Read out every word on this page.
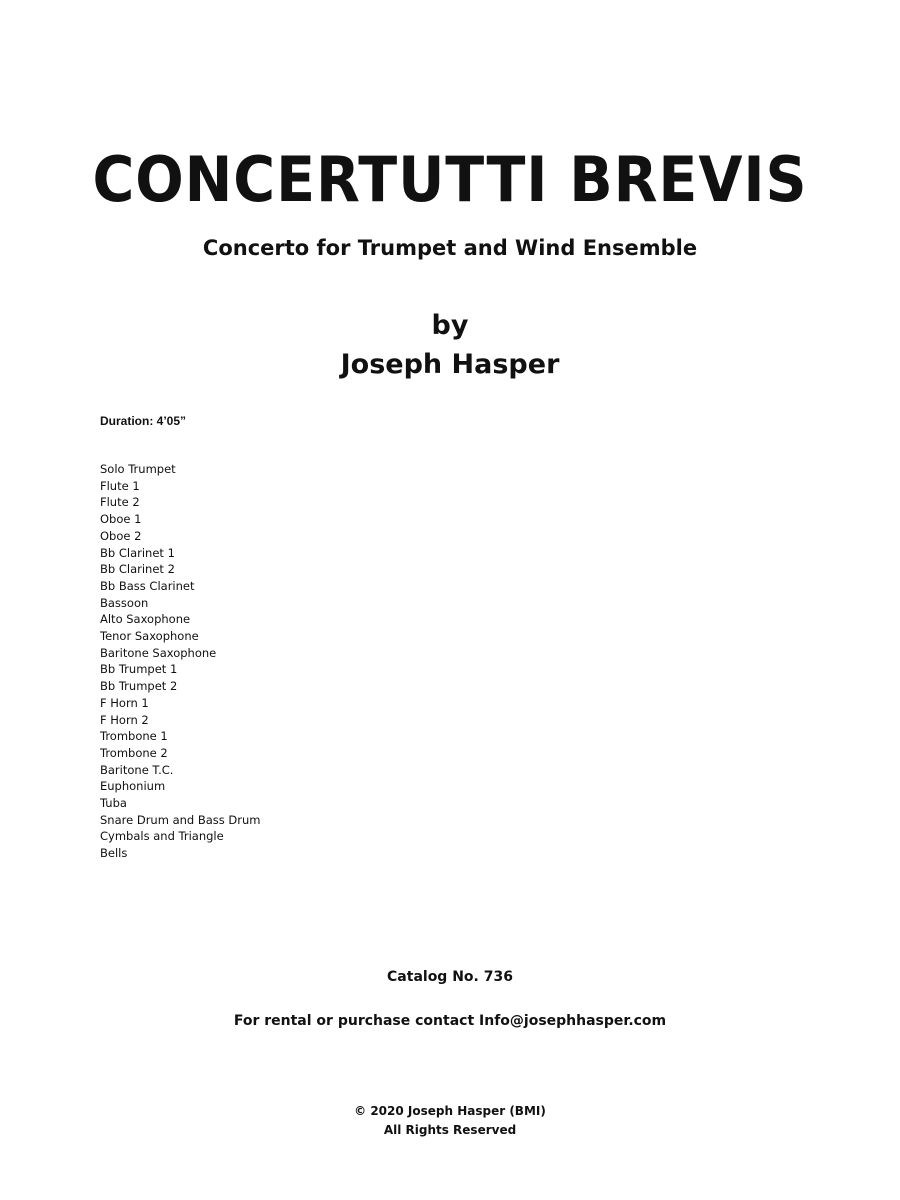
CONCERTUTTI BREVIS
Concerto for Trumpet and Wind Ensemble
by
Joseph Hasper
Duration: 4’05”
Solo Trumpet
Flute 1
Flute 2
Oboe 1
Oboe 2
Bb Clarinet 1
Bb Clarinet 2
Bb Bass Clarinet
Bassoon
Alto Saxophone
Tenor Saxophone
Baritone Saxophone
Bb Trumpet 1
Bb Trumpet 2
F Horn 1
F Horn 2
Trombone 1
Trombone 2
Baritone T.C.
Euphonium
Tuba
Snare Drum and Bass Drum
Cymbals and Triangle
Bells
Catalog No. 736
For rental or purchase contact Info@josephhasper.com
© 2020 Joseph Hasper (BMI)
All Rights Reserved
